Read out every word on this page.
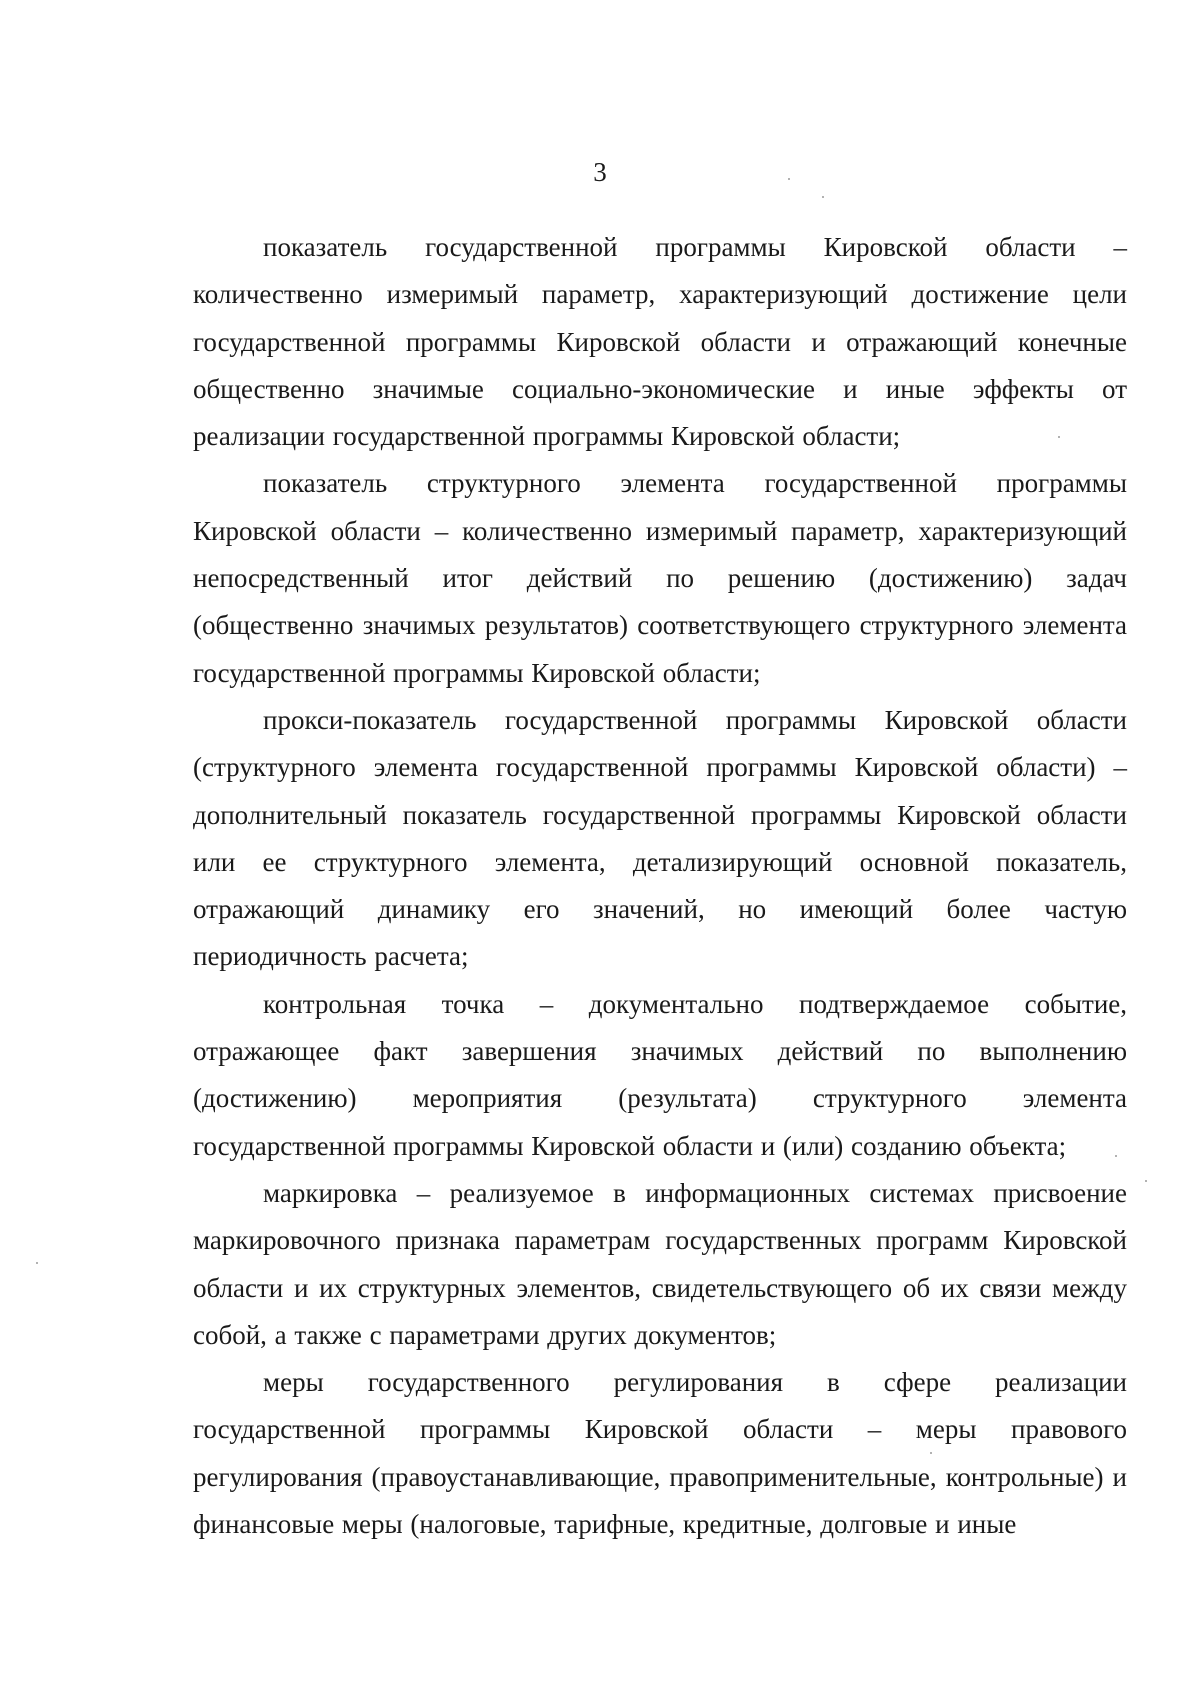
3

показатель государственной программы Кировской области – количественно измеримый параметр, характеризующий достижение цели государственной программы Кировской области и отражающий конечные общественно значимые социально-экономические и иные эффекты от реализации государственной программы Кировской области;

показатель структурного элемента государственной программы Кировской области – количественно измеримый параметр, характеризующий непосредственный итог действий по решению (достижению) задач (общественно значимых результатов) соответствующего структурного элемента государственной программы Кировской области;

прокси-показатель государственной программы Кировской области (структурного элемента государственной программы Кировской области) – дополнительный показатель государственной программы Кировской области или ее структурного элемента, детализирующий основной показатель, отражающий динамику его значений, но имеющий более частую периодичность расчета;

контрольная точка – документально подтверждаемое событие, отражающее факт завершения значимых действий по выполнению (достижению) мероприятия (результата) структурного элемента государственной программы Кировской области и (или) созданию объекта;

маркировка – реализуемое в информационных системах присвоение маркировочного признака параметрам государственных программ Кировской области и их структурных элементов, свидетельствующего об их связи между собой, а также с параметрами других документов;

меры государственного регулирования в сфере реализации государственной программы Кировской области – меры правового регулирования (правоустанавливающие, правоприменительные, контрольные) и финансовые меры (налоговые, тарифные, кредитные, долговые и иные
